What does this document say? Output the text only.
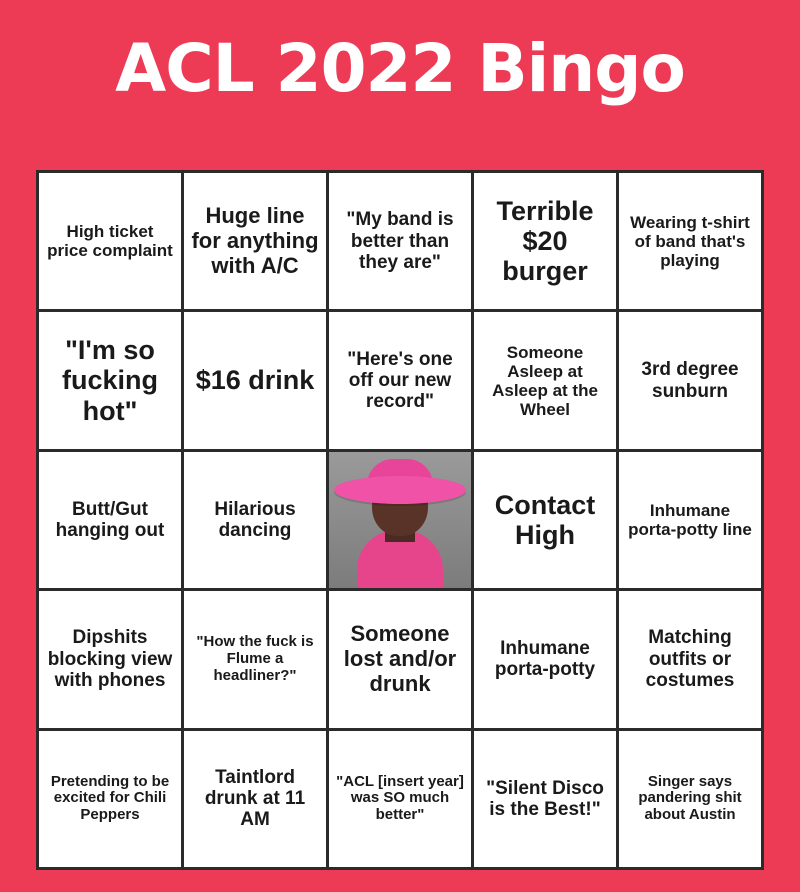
ACL 2022 Bingo
High ticket price complaint
Huge line for anything with A/C
"My band is better than they are"
Terrible $20 burger
Wearing t-shirt of band that's playing
"I'm so fucking hot"
$16 drink
"Here's one off our new record"
Someone Asleep at Asleep at the Wheel
3rd degree sunburn
Butt/Gut hanging out
Hilarious dancing
Contact High
Inhumane porta-potty line
Dipshits blocking view with phones
"How the fuck is Flume a headliner?"
Someone lost and/or drunk
Inhumane porta-potty
Matching outfits or costumes
Pretending to be excited for Chili Peppers
Taintlord drunk at 11 AM
"ACL [insert year] was SO much better"
"Silent Disco is the Best!"
Singer says pandering shit about Austin
